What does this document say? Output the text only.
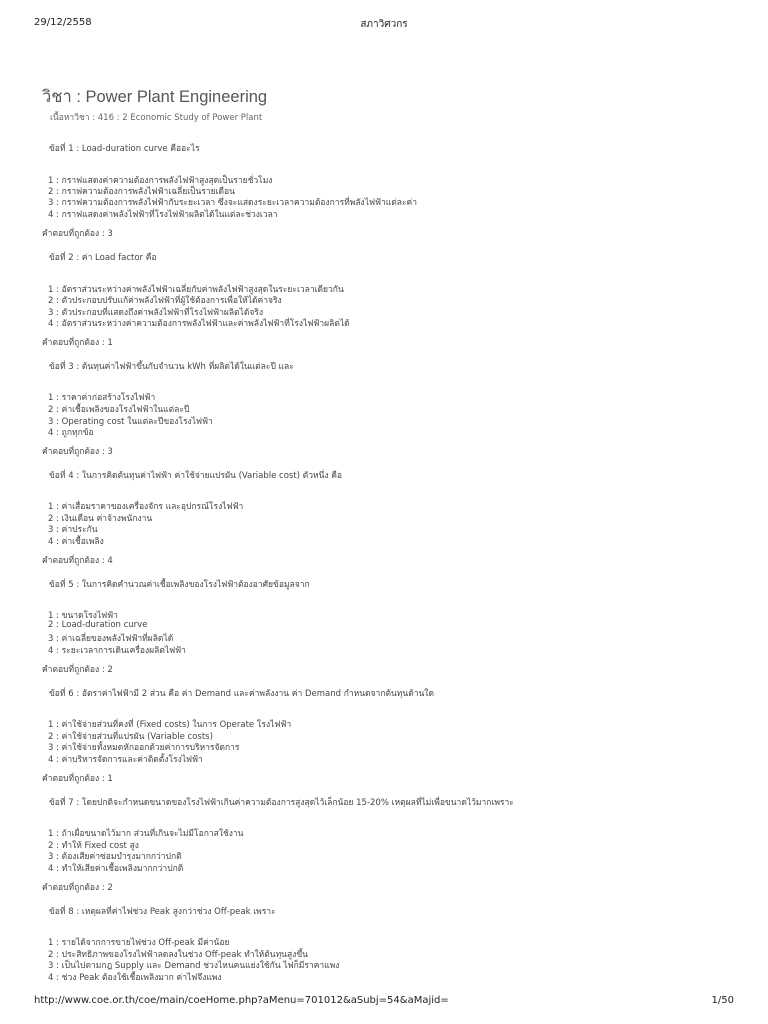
29/12/2558	สภาวิศวกร
วิชา : Power Plant Engineering
เนื้อหาวิชา : 416 : 2 Economic Study of Power Plant
ข้อที่ 1 : Load-duration curve คืออะไร
1 : กราฟแสดงค่าความต้องการพลังไฟฟ้าสูงสุดเป็นรายชั่วโมง
2 : กราฟความต้องการพลังไฟฟ้าเฉลี่ยเป็นรายเดือน
3 : กราฟความต้องการพลังไฟฟ้ากับระยะเวลา ซึ่งจะแสดงระยะเวลาความต้องการที่พลังไฟฟ้าแต่ละค่า
4 : กราฟแสดงค่าพลังไฟฟ้าที่โรงไฟฟ้าผลิตได้ในแต่ละช่วงเวลา
คำตอบที่ถูกต้อง : 3
ข้อที่ 2 : ค่า Load factor คือ
1 : อัตราส่วนระหว่างค่าพลังไฟฟ้าเฉลี่ยกับค่าพลังไฟฟ้าสูงสุดในระยะเวลาเดียวกัน
2 : ตัวประกอบปรับแก้ค่าพลังไฟฟ้าที่ผู้ใช้ต้องการเพื่อให้ได้ค่าจริง
3 : ตัวประกอบที่แสดงถึงค่าพลังไฟฟ้าที่โรงไฟฟ้าผลิตได้จริง
4 : อัตราส่วนระหว่างค่าความต้องการพลังไฟฟ้าและค่าพลังไฟฟ้าที่โรงไฟฟ้าผลิตได้
คำตอบที่ถูกต้อง : 1
ข้อที่ 3 : ต้นทุนค่าไฟฟ้าขึ้นกับจำนวน kWh ที่ผลิตได้ในแต่ละปี และ
1 : ราคาค่าก่อสร้างโรงไฟฟ้า
2 : ค่าเชื้อเพลิงของโรงไฟฟ้าในแต่ละปี
3 : Operating cost ในแต่ละปีของโรงไฟฟ้า
4 : ถูกทุกข้อ
คำตอบที่ถูกต้อง : 3
ข้อที่ 4 : ในการคิดต้นทุนค่าไฟฟ้า ค่าใช้จ่ายแปรผัน (Variable cost) ตัวหนึ่ง คือ
1 : ค่าเสื่อมราคาของเครื่องจักร และอุปกรณ์โรงไฟฟ้า
2 : เงินเดือน ค่าจ้างพนักงาน
3 : ค่าประกัน
4 : ค่าเชื้อเพลิง
คำตอบที่ถูกต้อง : 4
ข้อที่ 5 : ในการคิดคำนวณค่าเชื้อเพลิงของโรงไฟฟ้าต้องอาศัยข้อมูลจาก
1 : ขนาดโรงไฟฟ้า
2 : Load-duration curve
3 : ค่าเฉลี่ยของพลังไฟฟ้าที่ผลิตได้
4 : ระยะเวลาการเดินเครื่องผลิตไฟฟ้า
คำตอบที่ถูกต้อง : 2
ข้อที่ 6 : อัตราค่าไฟฟ้ามี 2 ส่วน คือ ค่า Demand และค่าพลังงาน ค่า Demand กำหนดจากต้นทุนด้านใด
1 : ค่าใช้จ่ายส่วนที่คงที่ (Fixed costs) ในการ Operate โรงไฟฟ้า
2 : ค่าใช้จ่ายส่วนที่แปรผัน (Variable costs)
3 : ค่าใช้จ่ายทั้งหมดหักออกด้วยค่าการบริหารจัดการ
4 : ค่าบริหารจัดการและค่าติดตั้งโรงไฟฟ้า
คำตอบที่ถูกต้อง : 1
ข้อที่ 7 : โดยปกติจะกำหนดขนาดของโรงไฟฟ้าเกินค่าความต้องการสูงสุดไว้เล็กน้อย 15-20% เหตุผลที่ไม่เพื่อขนาดไว้มากเพราะ
1 : ถ้าเผื่อขนาดไว้มาก ส่วนที่เกินจะไม่มีโอกาสใช้งาน
2 : ทำให้ Fixed cost สูง
3 : ต้องเสียค่าซ่อมบำรุงมากกว่าปกติ
4 : ทำให้เสียค่าเชื้อเพลิงมากกว่าปกติ
คำตอบที่ถูกต้อง : 2
ข้อที่ 8 : เหตุผลที่ค่าไฟช่วง Peak สูงกว่าช่วง Off-peak เพราะ
1 : รายได้จากการขายไฟช่วง Off-peak มีค่าน้อย
2 : ประสิทธิภาพของโรงไฟฟ้าลดลงในช่วง Off-peak ทำให้ต้นทุนสูงขึ้น
3 : เป็นไปตามกฎ Supply และ Demand ช่วงไหนคนแย่งใช้กัน ไฟก็มีราคาแพง
4 : ช่วง Peak ต้องใช้เชื้อเพลิงมาก ค่าไฟจึงแพง
http://www.coe.or.th/coe/main/coeHome.php?aMenu=701012&aSubj=54&aMajid=	1/50
